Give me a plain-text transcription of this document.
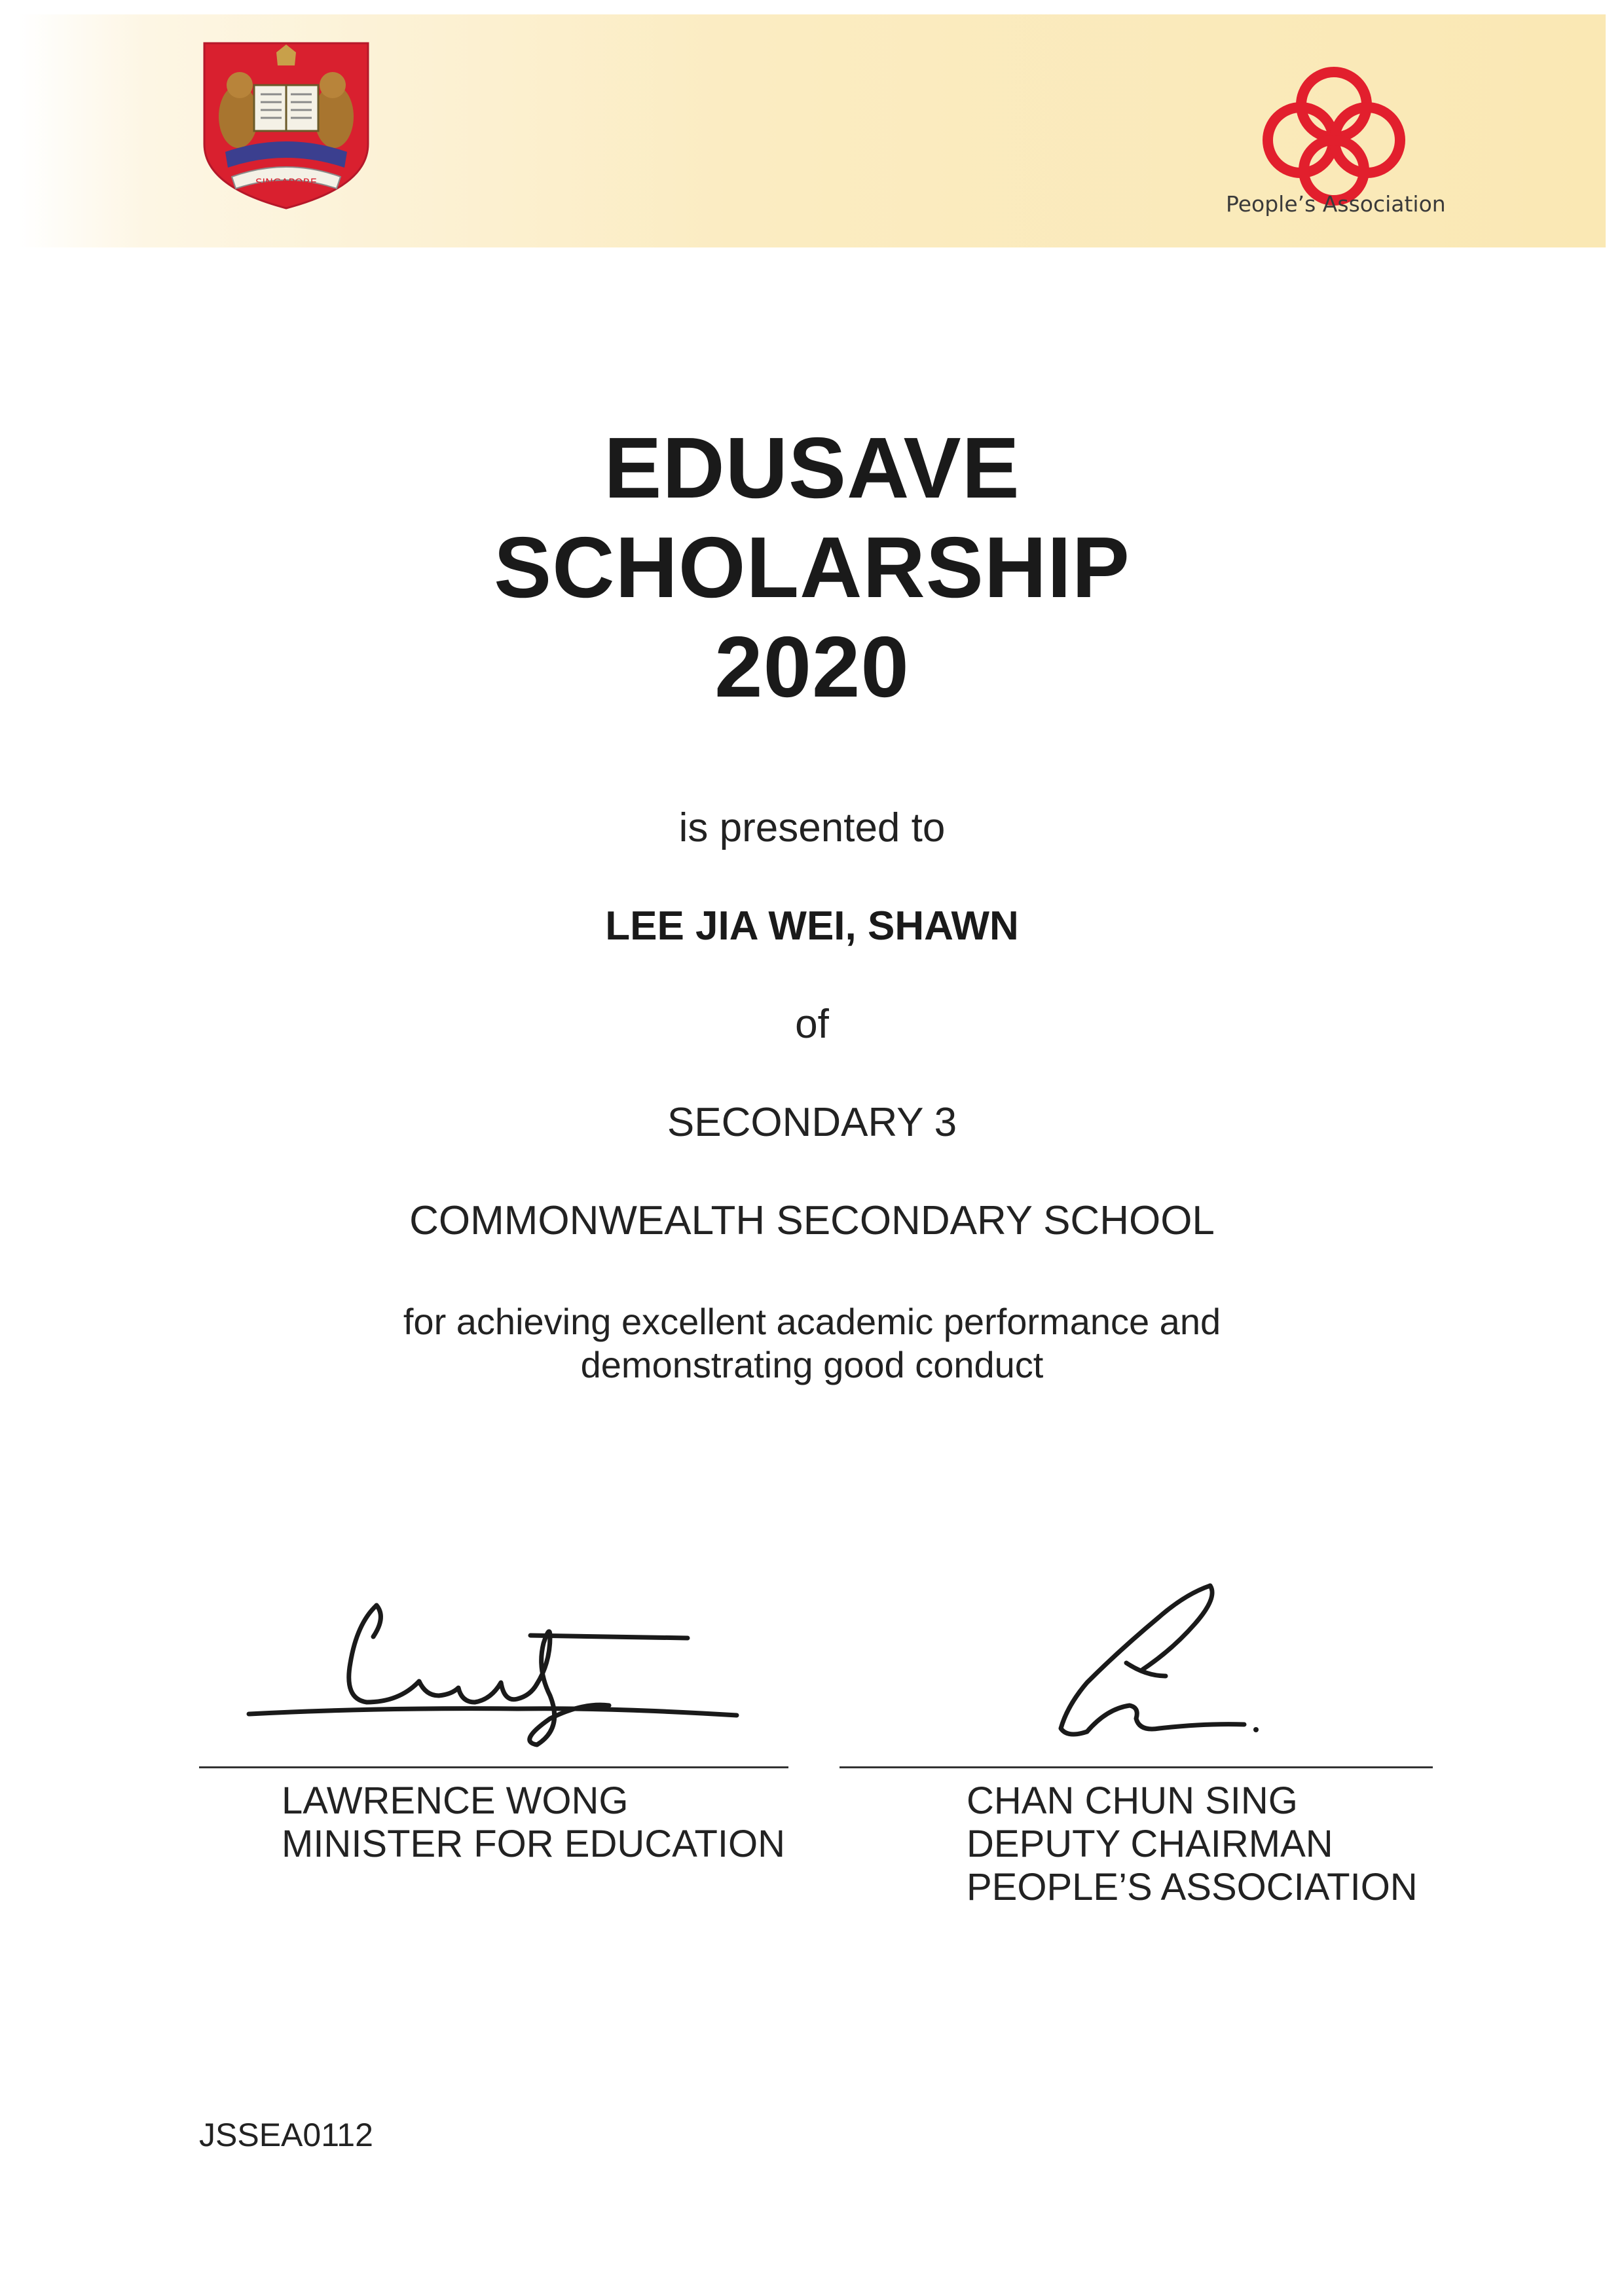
SINGAPORE
People’s Association
EDUSAVE
SCHOLARSHIP
2020
is presented to
LEE JIA WEI, SHAWN
of
SECONDARY 3
COMMONWEALTH SECONDARY SCHOOL
for achieving excellent academic performance and
demonstrating good conduct
LAWRENCE WONG
MINISTER FOR EDUCATION
CHAN CHUN SING
DEPUTY CHAIRMAN
PEOPLE’S ASSOCIATION
JSSEA0112
